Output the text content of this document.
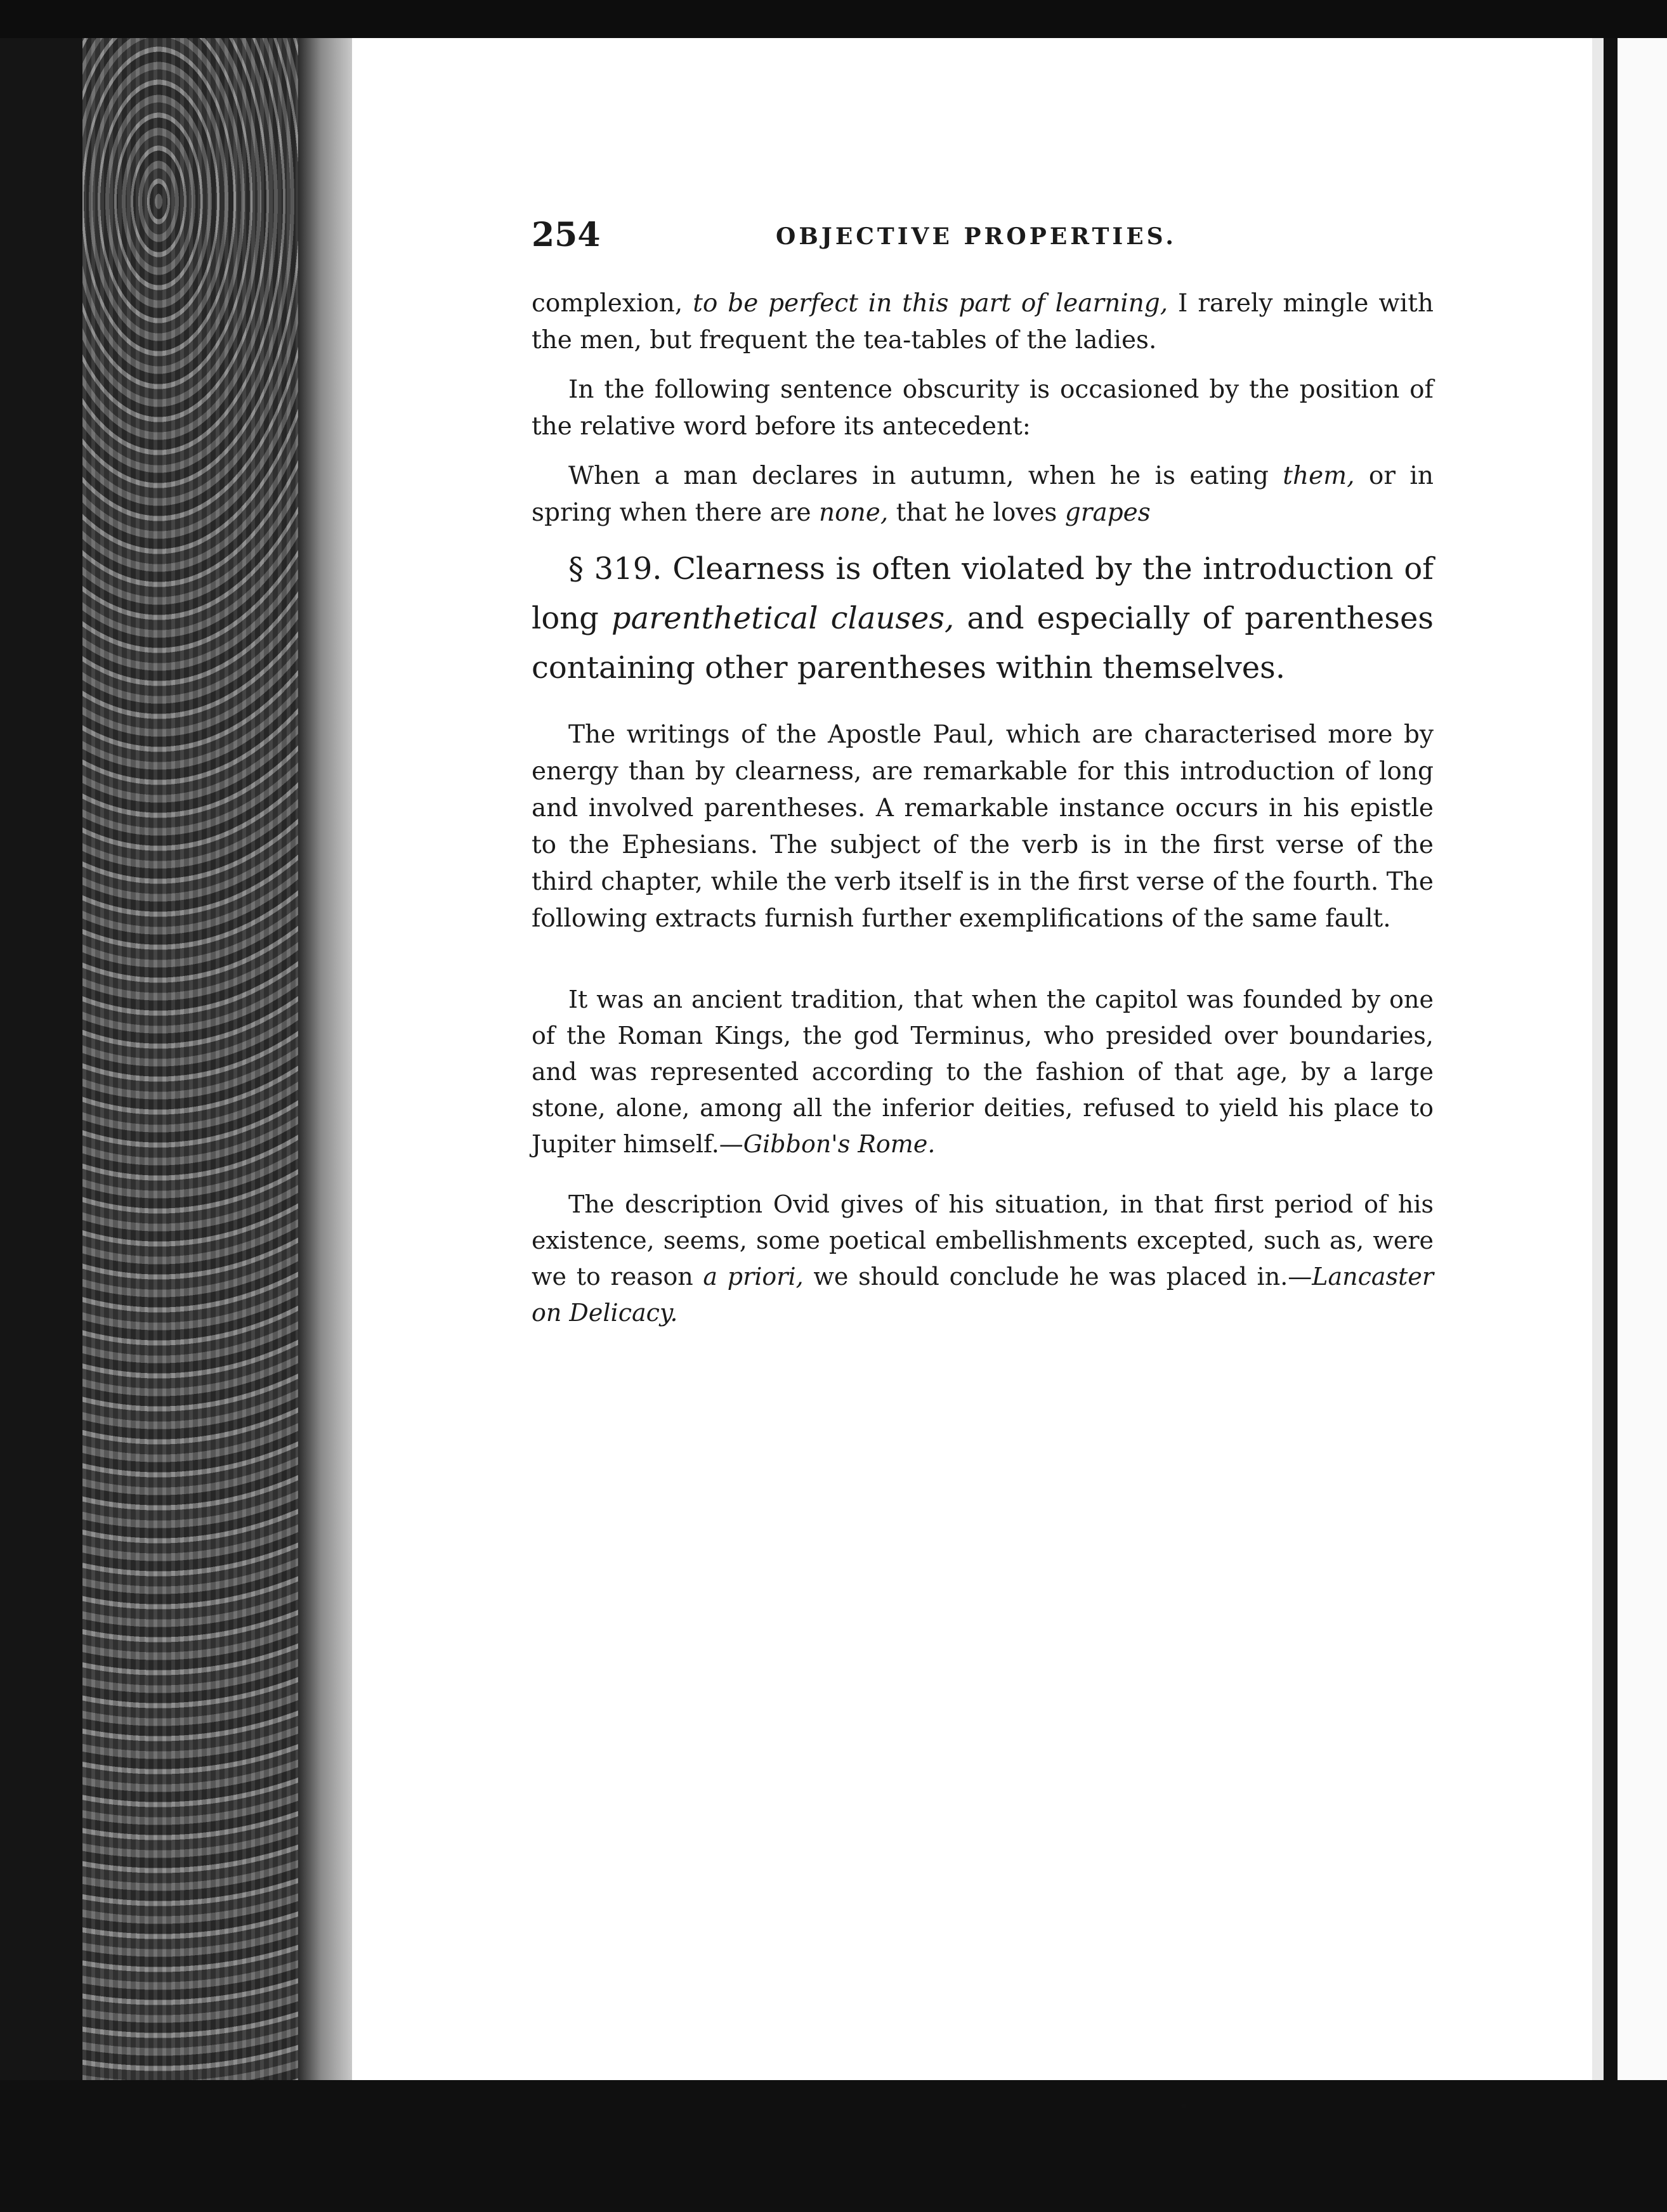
254	OBJECTIVE PROPERTIES.

complexion, to be perfect in this part of learning, I rarely mingle with the men, but frequent the tea-tables of the ladies.

In the following sentence obscurity is occasioned by the position of the relative word before its antecedent:

When a man declares in autumn, when he is eating them, or in spring when there are none, that he loves grapes

§ 319. Clearness is often violated by the introduction of long parenthetical clauses, and especially of parentheses containing other parentheses within themselves.

The writings of the Apostle Paul, which are characterised more by energy than by clearness, are remarkable for this introduction of long and involved parentheses. A remarkable instance occurs in his epistle to the Ephesians. The subject of the verb is in the first verse of the third chapter, while the verb itself is in the first verse of the fourth. The following extracts furnish further exemplifications of the same fault.

It was an ancient tradition, that when the capitol was founded by one of the Roman Kings, the god Terminus, who presided over boundaries, and was represented according to the fashion of that age, by a large stone, alone, among all the inferior deities, refused to yield his place to Jupiter himself.—Gibbon's Rome.

The description Ovid gives of his situation, in that first period of his existence, seems, some poetical embellishments excepted, such as, were we to reason a priori, we should conclude he was placed in.—Lancaster on Delicacy.
